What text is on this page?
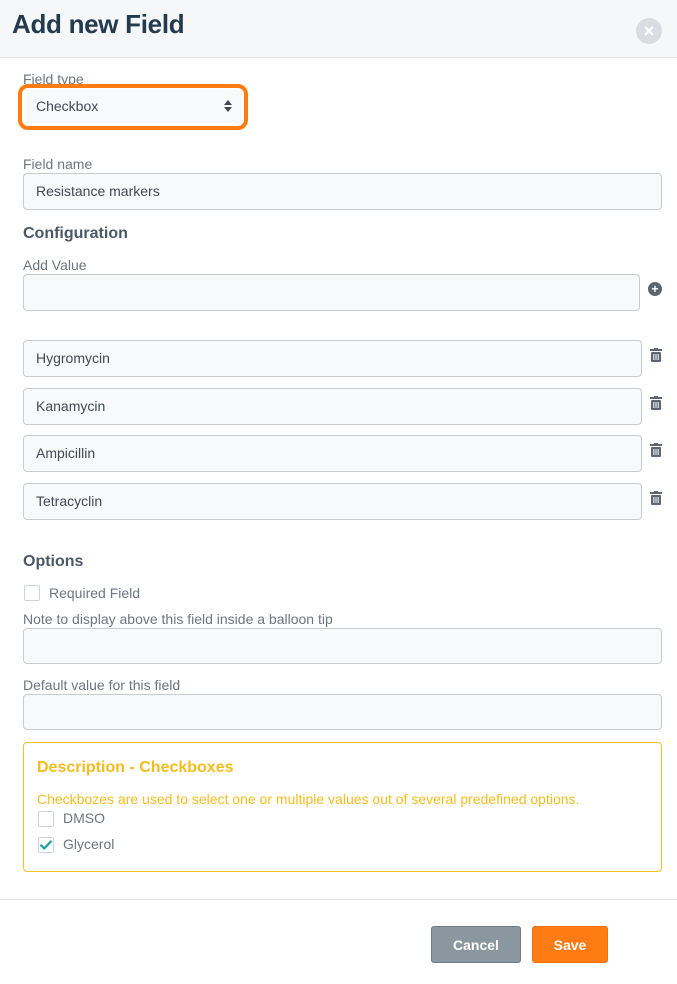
Add new Field	×
Field type
Checkbox
Field name
Resistance markers
Configuration
Add Value
+
Hygromycin
Kanamycin
Ampicillin
Tetracyclin
Options
Required Field
Note to display above this field inside a balloon tip
Default value for this field
Description - Checkboxes
Checkbozes are used to select one or multiple values out of several predefined options.
DMSO
Glycerol
Cancel	Save
